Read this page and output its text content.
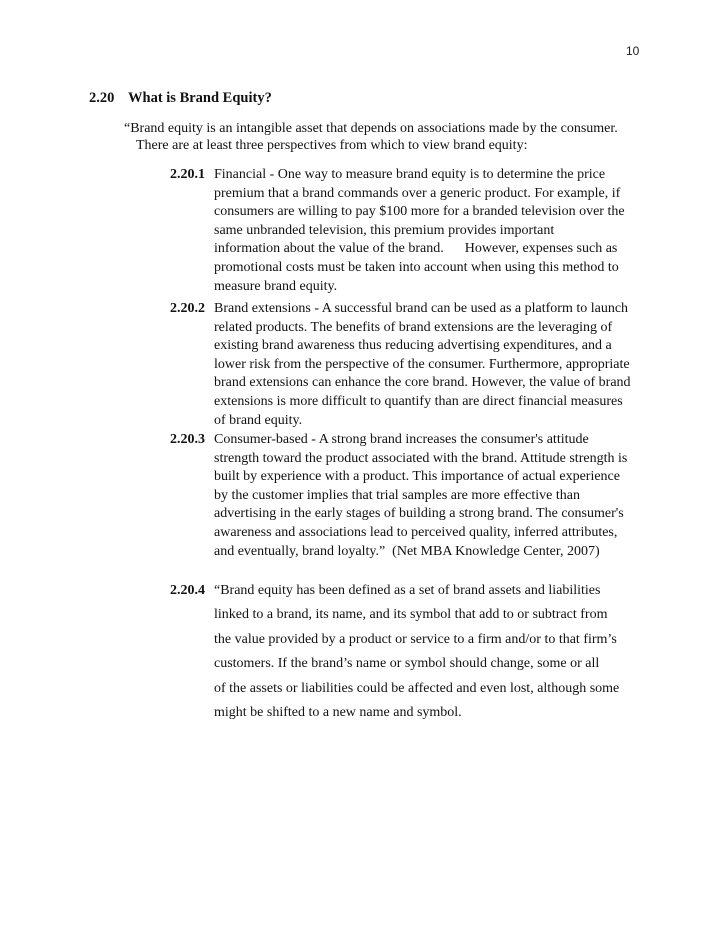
10
2.20 What is Brand Equity?
“Brand equity is an intangible asset that depends on associations made by the consumer.
There are at least three perspectives from which to view brand equity:
2.20.1 Financial - One way to measure brand equity is to determine the price
premium that a brand commands over a generic product. For example, if
consumers are willing to pay $100 more for a branded television over the
same unbranded television, this premium provides important
information about the value of the brand.      However, expenses such as
promotional costs must be taken into account when using this method to
measure brand equity.
2.20.2 Brand extensions - A successful brand can be used as a platform to launch
related products. The benefits of brand extensions are the leveraging of
existing brand awareness thus reducing advertising expenditures, and a
lower risk from the perspective of the consumer. Furthermore, appropriate
brand extensions can enhance the core brand. However, the value of brand
extensions is more difficult to quantify than are direct financial measures
of brand equity.
2.20.3 Consumer-based - A strong brand increases the consumer's attitude
strength toward the product associated with the brand. Attitude strength is
built by experience with a product. This importance of actual experience
by the customer implies that trial samples are more effective than
advertising in the early stages of building a strong brand. The consumer's
awareness and associations lead to perceived quality, inferred attributes,
and eventually, brand loyalty.”  (Net MBA Knowledge Center, 2007)
2.20.4 “Brand equity has been defined as a set of brand assets and liabilities
linked to a brand, its name, and its symbol that add to or subtract from
the value provided by a product or service to a firm and/or to that firm’s
customers. If the brand’s name or symbol should change, some or all
of the assets or liabilities could be affected and even lost, although some
might be shifted to a new name and symbol.
